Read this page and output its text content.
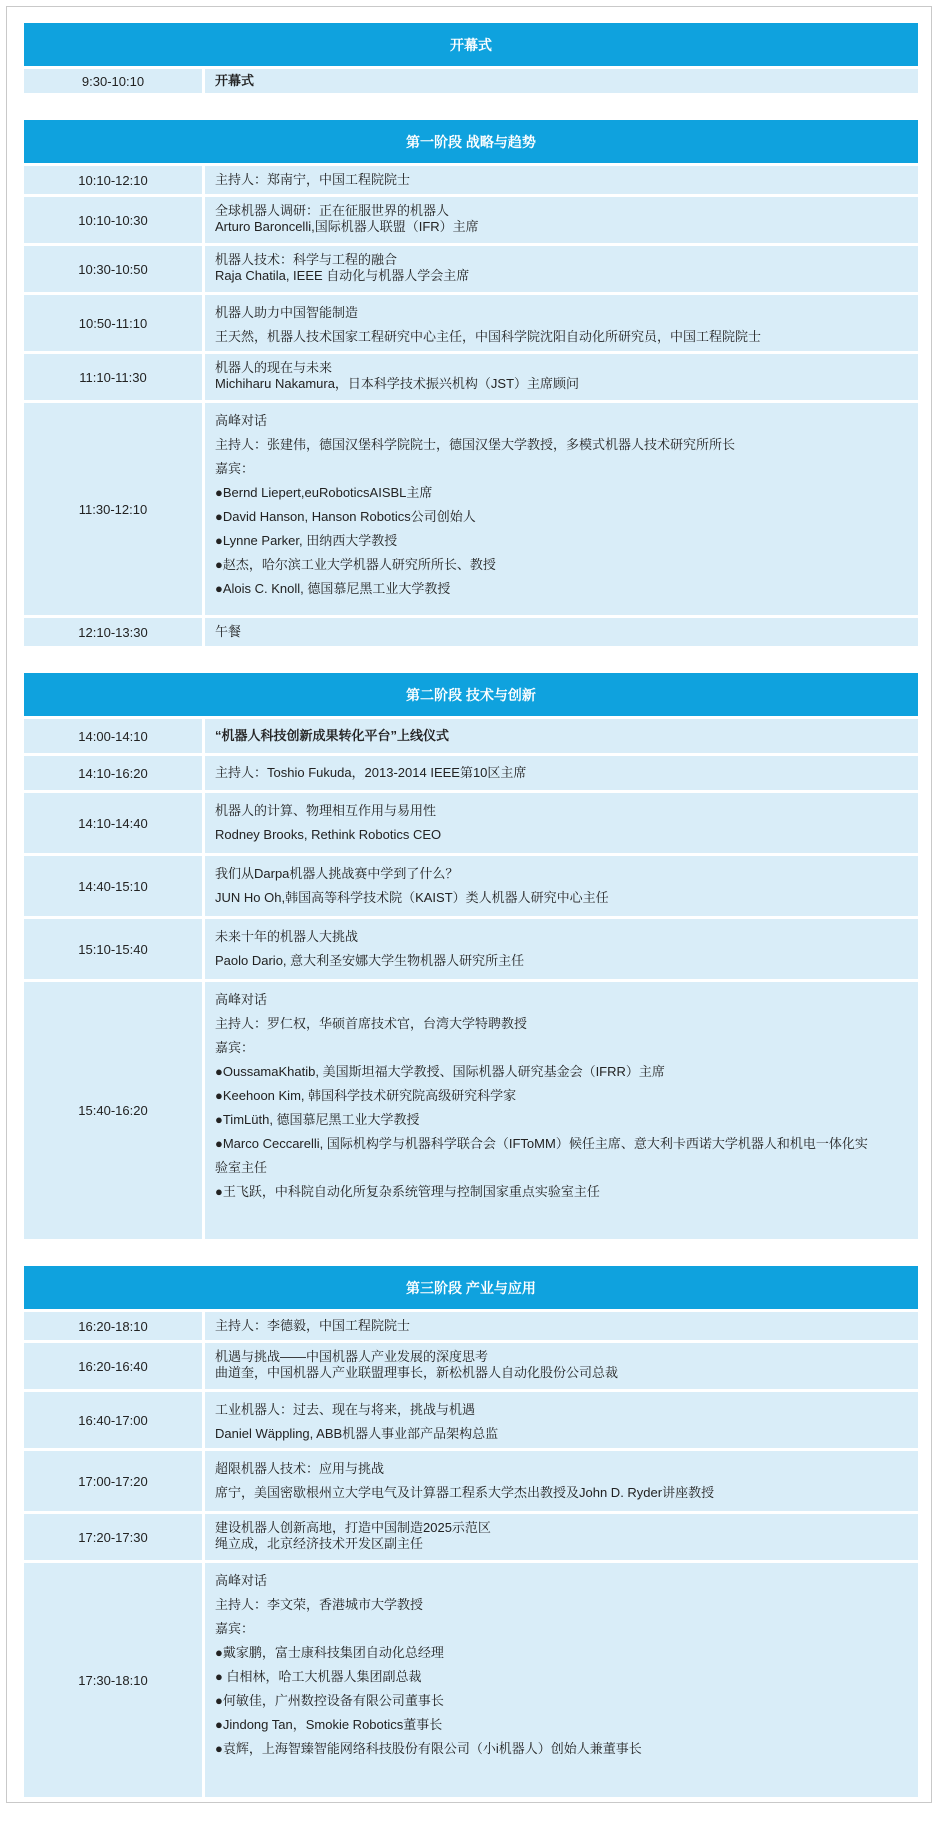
开幕式
9:30-10:10	开幕式
第一阶段 战略与趋势
10:10-12:10	主持人：郑南宁，中国工程院院士
10:10-10:30
全球机器人调研：正在征服世界的机器人
Arturo Baroncelli,国际机器人联盟（IFR）主席
10:30-10:50
机器人技术：科学与工程的融合
Raja Chatila, IEEE 自动化与机器人学会主席
10:50-11:10
机器人助力中国智能制造
王天然，机器人技术国家工程研究中心主任，中国科学院沈阳自动化所研究员，中国工程院院士
11:10-11:30
机器人的现在与未来
Michiharu Nakamura，日本科学技术振兴机构（JST）主席顾问
11:30-12:10
高峰对话
主持人：张建伟，德国汉堡科学院院士，德国汉堡大学教授，多模式机器人技术研究所所长
嘉宾：
●Bernd Liepert,euRoboticsAISBL主席
●David Hanson, Hanson Robotics公司创始人
●Lynne Parker, 田纳西大学教授
●赵杰，哈尔滨工业大学机器人研究所所长、教授
●Alois C. Knoll, 德国慕尼黑工业大学教授
12:10-13:30	午餐
第二阶段 技术与创新
14:00-14:10	“机器人科技创新成果转化平台”上线仪式
14:10-16:20	主持人：Toshio Fukuda，2013-2014 IEEE第10区主席
14:10-14:40
机器人的计算、物理相互作用与易用性
Rodney Brooks, Rethink Robotics CEO
14:40-15:10
我们从Darpa机器人挑战赛中学到了什么？
JUN Ho Oh,韩国高等科学技术院（KAIST）类人机器人研究中心主任
15:10-15:40
未来十年的机器人大挑战
Paolo Dario, 意大利圣安娜大学生物机器人研究所主任
15:40-16:20
高峰对话
主持人：罗仁权，华硕首席技术官，台湾大学特聘教授
嘉宾：
●OussamaKhatib, 美国斯坦福大学教授、国际机器人研究基金会（IFRR）主席
●Keehoon Kim, 韩国科学技术研究院高级研究科学家
●TimLüth, 德国慕尼黑工业大学教授
●Marco Ceccarelli, 国际机构学与机器科学联合会（IFToMM）候任主席、意大利卡西诺大学机器人和机电一体化实
验室主任
●王飞跃，中科院自动化所复杂系统管理与控制国家重点实验室主任
第三阶段 产业与应用
16:20-18:10	主持人：李德毅，中国工程院院士
16:20-16:40
机遇与挑战——中国机器人产业发展的深度思考
曲道奎，中国机器人产业联盟理事长，新松机器人自动化股份公司总裁
16:40-17:00
工业机器人：过去、现在与将来，挑战与机遇
Daniel Wäppling, ABB机器人事业部产品架构总监
17:00-17:20
超限机器人技术：应用与挑战
席宁，美国密歇根州立大学电气及计算器工程系大学杰出教授及John D. Ryder讲座教授
17:20-17:30
建设机器人创新高地，打造中国制造2025示范区
绳立成，北京经济技术开发区副主任
17:30-18:10
高峰对话
主持人：李文荣，香港城市大学教授
嘉宾：
●戴家鹏，富士康科技集团自动化总经理
● 白相林，哈工大机器人集团副总裁
●何敏佳，广州数控设备有限公司董事长
●Jindong Tan，Smokie Robotics董事长
●袁辉，上海智臻智能网络科技股份有限公司（小i机器人）创始人兼董事长
